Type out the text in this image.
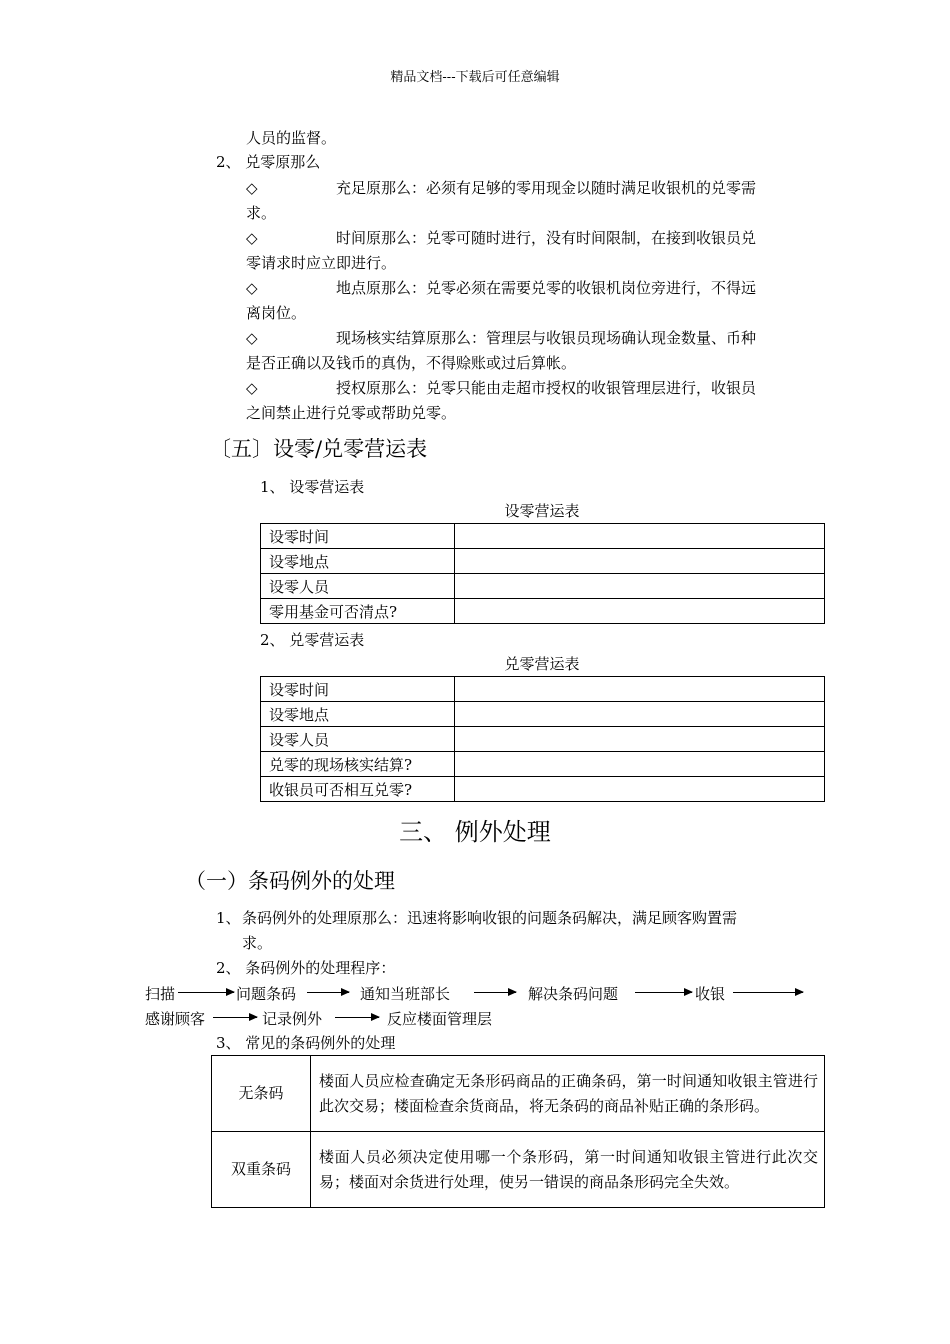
精品文档---下载后可任意编辑
人员的监督。
2、 兑零原那么
◇	充足原那么：必须有足够的零用现金以随时满足收银机的兑零需
求。
◇	时间原那么：兑零可随时进行，没有时间限制，在接到收银员兑
零请求时应立即进行。
◇	地点原那么：兑零必须在需要兑零的收银机岗位旁进行，不得远
离岗位。
◇	现场核实结算原那么：管理层与收银员现场确认现金数量、币种
是否正确以及钱币的真伪，不得赊账或过后算帐。
◇	授权原那么：兑零只能由走超市授权的收银管理层进行，收银员
之间禁止进行兑零或帮助兑零。
〔五〕设零/兑零营运表
1、 设零营运表
设零营运表
设零时间	
设零地点	
设零人员	
零用基金可否清点?	
2、 兑零营运表
兑零营运表
设零时间	
设零地点	
设零人员	
兑零的现场核实结算?	
收银员可否相互兑零?	
三、 例外处理
（一）条码例外的处理
1、 条码例外的处理原那么：迅速将影响收银的问题条码解决，满足顾客购置需
求。
2、 条码例外的处理程序：
扫描	问题条码	通知当班部长	解决条码问题	收银
感谢顾客	记录例外	反应楼面管理层
3、 常见的条码例外的处理
无条码	楼面人员应检查确定无条形码商品的正确条码，第一时间通知收银主管进行此次交易；楼面检查余货商品，将无条码的商品补贴正确的条形码。
双重条码	楼面人员必须决定使用哪一个条形码，第一时间通知收银主管进行此次交易；楼面对余货进行处理，使另一错误的商品条形码完全失效。
